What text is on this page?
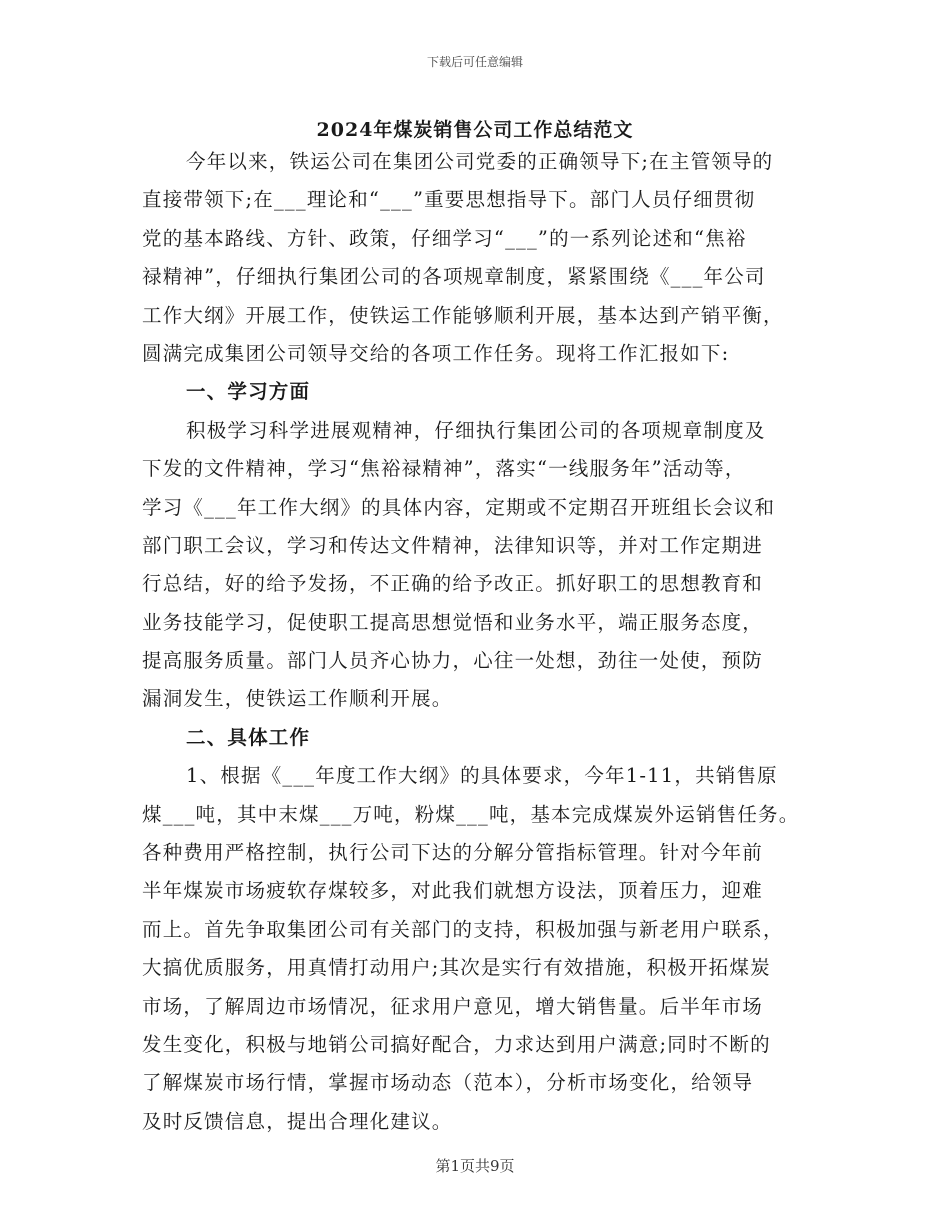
下载后可任意编辑
2024年煤炭销售公司工作总结范文
今年以来，铁运公司在集团公司党委的正确领导下;在主管领导的
直接带领下;在___理论和“___”重要思想指导下。部门人员仔细贯彻
党的基本路线、方针、政策，仔细学习“___”的一系列论述和“焦裕
禄精神”，仔细执行集团公司的各项规章制度，紧紧围绕《___年公司
工作大纲》开展工作，使铁运工作能够顺利开展，基本达到产销平衡，
圆满完成集团公司领导交给的各项工作任务。现将工作汇报如下:
一、学习方面
积极学习科学进展观精神，仔细执行集团公司的各项规章制度及
下发的文件精神，学习“焦裕禄精神”，落实“一线服务年”活动等，
学习《___年工作大纲》的具体内容，定期或不定期召开班组长会议和
部门职工会议，学习和传达文件精神，法律知识等，并对工作定期进
行总结，好的给予发扬，不正确的给予改正。抓好职工的思想教育和
业务技能学习，促使职工提高思想觉悟和业务水平，端正服务态度，
提高服务质量。部门人员齐心协力，心往一处想，劲往一处使，预防
漏洞发生，使铁运工作顺利开展。
二、具体工作
1、根据《___年度工作大纲》的具体要求，今年1-11，共销售原
煤___吨，其中末煤___万吨，粉煤___吨，基本完成煤炭外运销售任务。
各种费用严格控制，执行公司下达的分解分管指标管理。针对今年前
半年煤炭市场疲软存煤较多，对此我们就想方设法，顶着压力，迎难
而上。首先争取集团公司有关部门的支持，积极加强与新老用户联系，
大搞优质服务，用真情打动用户;其次是实行有效措施，积极开拓煤炭
市场，了解周边市场情况，征求用户意见，增大销售量。后半年市场
发生变化，积极与地销公司搞好配合，力求达到用户满意;同时不断的
了解煤炭市场行情，掌握市场动态（范本），分析市场变化，给领导
及时反馈信息，提出合理化建议。
第1页共9页
